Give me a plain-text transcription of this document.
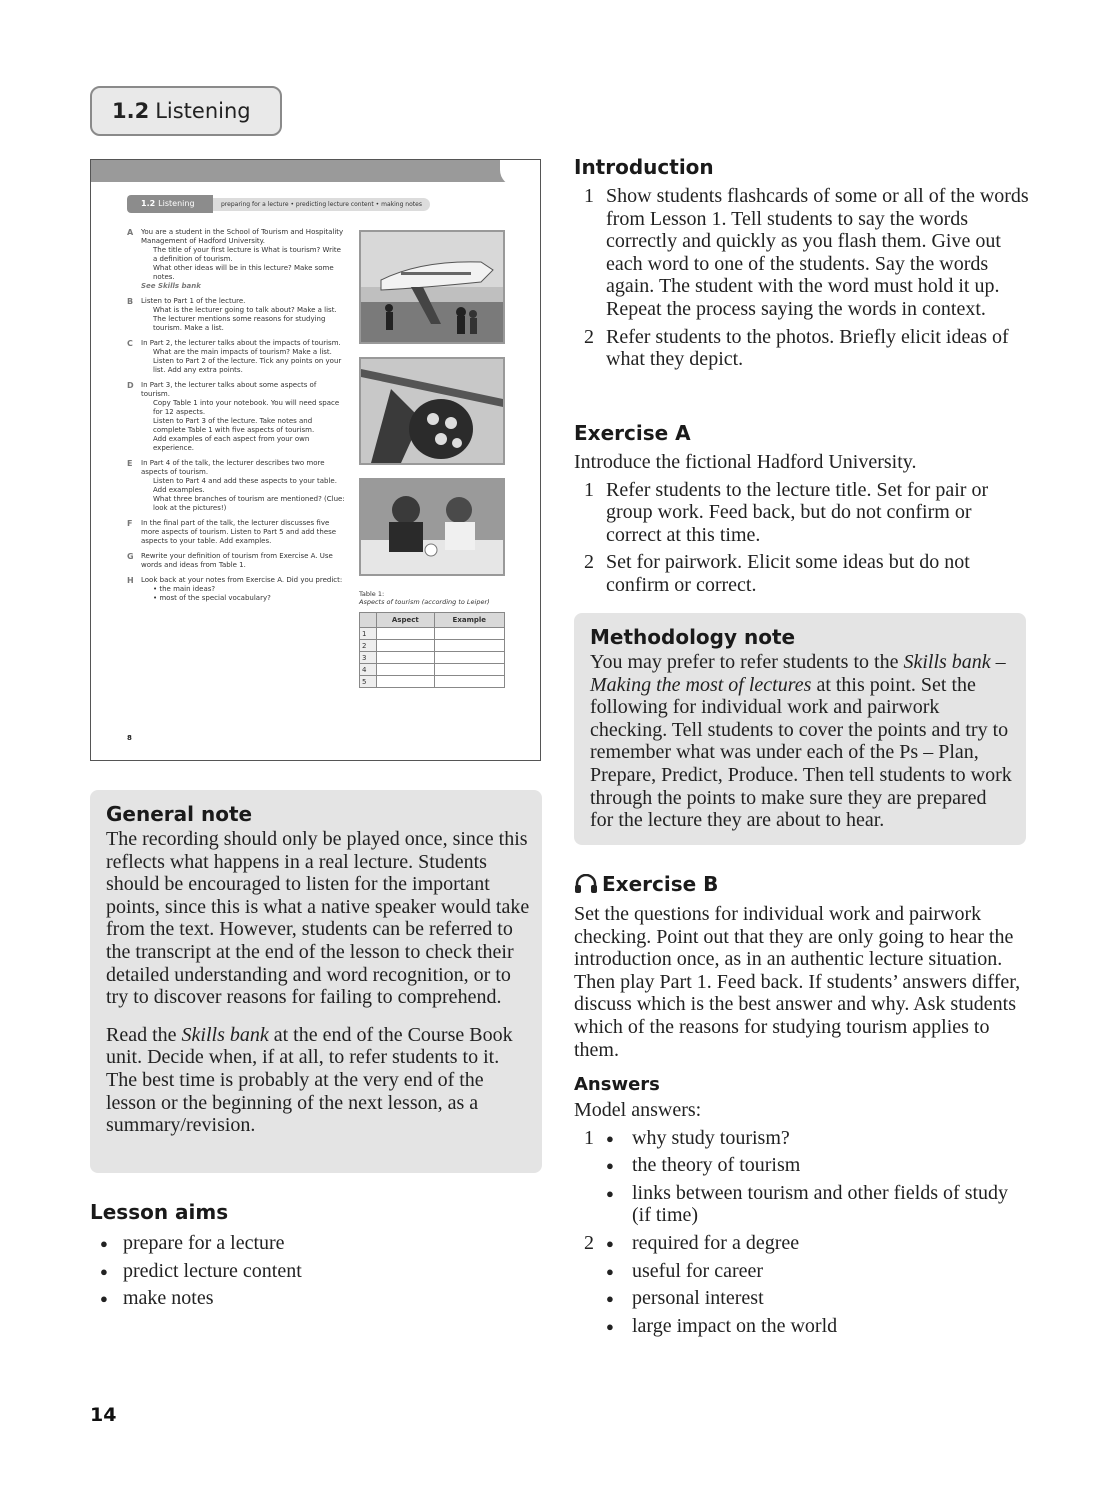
1.2 Listening
1.2 Listening	preparing for a lecture • predicting lecture content • making notes
A You are a student in the School of Tourism and Hospitality Management of Hadford University.
The title of your first lecture is What is tourism? Write a definition of tourism.
What other ideas will be in this lecture? Make some notes.
See Skills bank
B Listen to Part 1 of the lecture.
What is the lecturer going to talk about? Make a list.
The lecturer mentions some reasons for studying tourism. Make a list.
C In Part 2, the lecturer talks about the impacts of tourism.
What are the main impacts of tourism? Make a list.
Listen to Part 2 of the lecture. Tick any points on your list. Add any extra points.
D In Part 3, the lecturer talks about some aspects of tourism.
Copy Table 1 into your notebook. You will need space for 12 aspects.
Listen to Part 3 of the lecture. Take notes and complete Table 1 with five aspects of tourism.
Add examples of each aspect from your own experience.
E In Part 4 of the talk, the lecturer describes two more aspects of tourism.
Listen to Part 4 and add these aspects to your table. Add examples.
What three branches of tourism are mentioned? (Clue: look at the pictures!)
F In the final part of the talk, the lecturer discusses five more aspects of tourism. Listen to Part 5 and add these aspects to your table. Add examples.
G Rewrite your definition of tourism from Exercise A. Use words and ideas from Table 1.
H Look back at your notes from Exercise A. Did you predict:
• the main ideas?
• most of the special vocabulary?	Table 1:
Aspects of tourism (according to Leiper)
	Aspect	Example
1		
2		
3		
4		
5		
8
General note
The recording should only be played once, since this reflects what happens in a real lecture. Students should be encouraged to listen for the important points, since this is what a native speaker would take from the text. However, students can be referred to the transcript at the end of the lesson to check their detailed understanding and word recognition, or to try to discover reasons for failing to comprehend.
Read the Skills bank at the end of the Course Book unit. Decide when, if at all, to refer students to it. The best time is probably at the very end of the lesson or the beginning of the next lesson, as a summary/revision.
Lesson aims
● prepare for a lecture
● predict lecture content
● make notes
Introduction
1 Show students flashcards of some or all of the words from Lesson 1. Tell students to say the words correctly and quickly as you flash them. Give out each word to one of the students. Say the words again. The student with the word must hold it up. Repeat the process saying the words in context.
2 Refer students to the photos. Briefly elicit ideas of what they depict.
Exercise A
Introduce the fictional Hadford University.
1 Refer students to the lecture title. Set for pair or group work. Feed back, but do not confirm or correct at this time.
2 Set for pairwork. Elicit some ideas but do not confirm or correct.
Methodology note
You may prefer to refer students to the Skills bank – Making the most of lectures at this point. Set the following for individual work and pairwork checking. Tell students to cover the points and try to remember what was under each of the Ps – Plan, Prepare, Predict, Produce. Then tell students to work through the points to make sure they are prepared for the lecture they are about to hear.
Exercise B
Set the questions for individual work and pairwork checking. Point out that they are only going to hear the introduction once, as in an authentic lecture situation. Then play Part 1. Feed back. If students’ answers differ, discuss which is the best answer and why. Ask students which of the reasons for studying tourism applies to them.
Answers
Model answers:
1 ● why study tourism?
● the theory of tourism
● links between tourism and other fields of study (if time)
2 ● required for a degree
● useful for career
● personal interest
● large impact on the world
14
